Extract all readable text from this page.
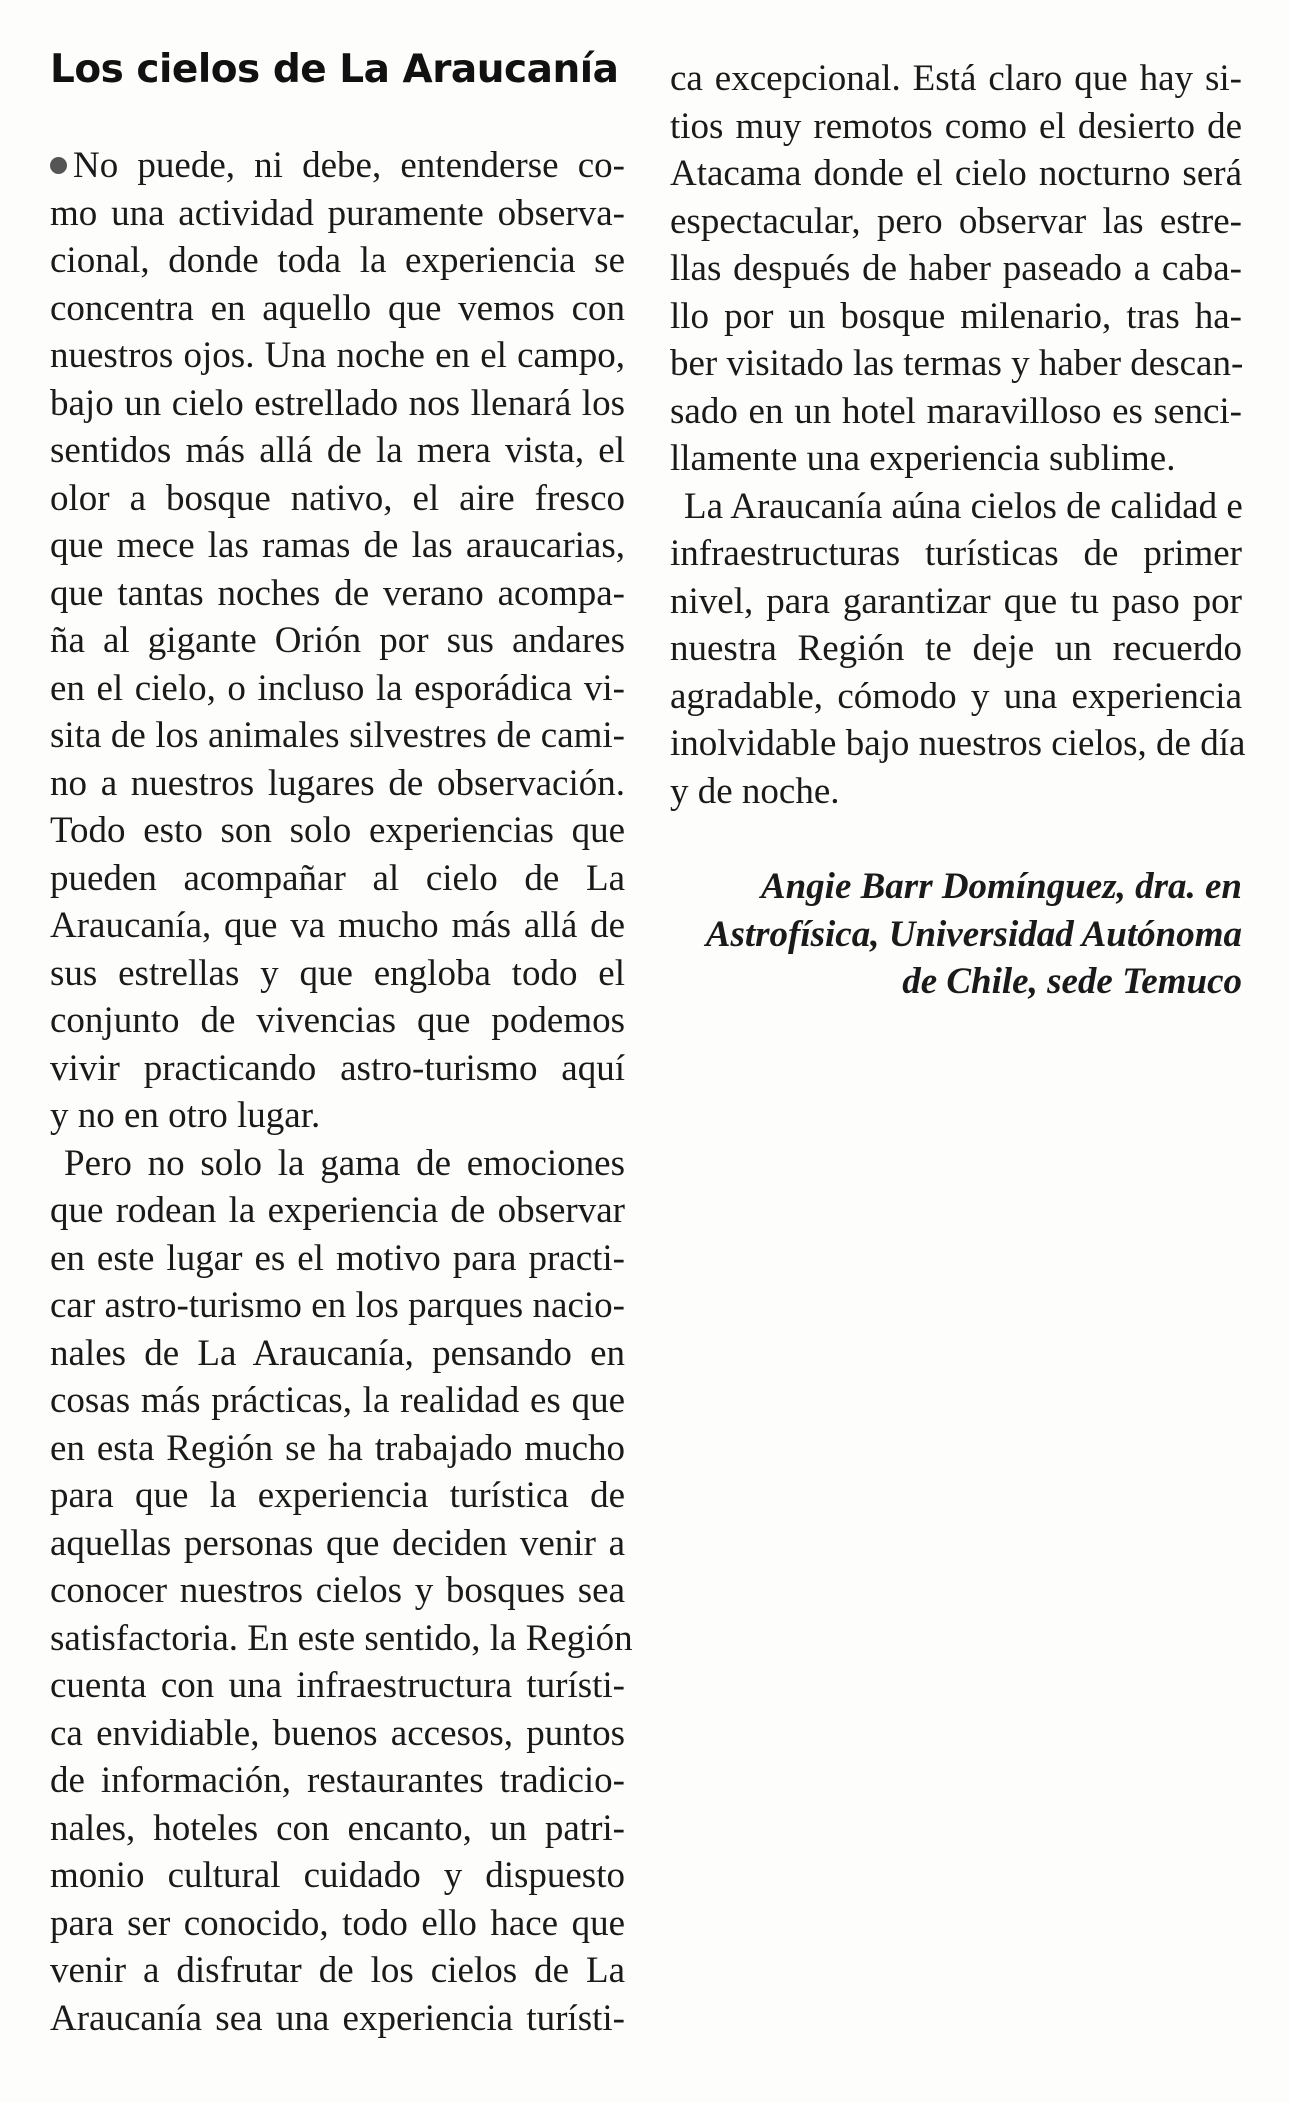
Los cielos de La Araucanía
No puede, ni debe, entenderse co-
mo una actividad puramente observa-
cional, donde toda la experiencia se
concentra en aquello que vemos con
nuestros ojos. Una noche en el campo,
bajo un cielo estrellado nos llenará los
sentidos más allá de la mera vista, el
olor a bosque nativo, el aire fresco
que mece las ramas de las araucarias,
que tantas noches de verano acompa-
ña al gigante Orión por sus andares
en el cielo, o incluso la esporádica vi-
sita de los animales silvestres de cami-
no a nuestros lugares de observación.
Todo esto son solo experiencias que
pueden acompañar al cielo de La
Araucanía, que va mucho más allá de
sus estrellas y que engloba todo el
conjunto de vivencias que podemos
vivir practicando astro-turismo aquí
y no en otro lugar.
Pero no solo la gama de emociones
que rodean la experiencia de observar
en este lugar es el motivo para practi-
car astro-turismo en los parques nacio-
nales de La Araucanía, pensando en
cosas más prácticas, la realidad es que
en esta Región se ha trabajado mucho
para que la experiencia turística de
aquellas personas que deciden venir a
conocer nuestros cielos y bosques sea
satisfactoria. En este sentido, la Región
cuenta con una infraestructura turísti-
ca envidiable, buenos accesos, puntos
de información, restaurantes tradicio-
nales, hoteles con encanto, un patri-
monio cultural cuidado y dispuesto
para ser conocido, todo ello hace que
venir a disfrutar de los cielos de La
Araucanía sea una experiencia turísti-
ca excepcional. Está claro que hay si-
tios muy remotos como el desierto de
Atacama donde el cielo nocturno será
espectacular, pero observar las estre-
llas después de haber paseado a caba-
llo por un bosque milenario, tras ha-
ber visitado las termas y haber descan-
sado en un hotel maravilloso es senci-
llamente una experiencia sublime.
La Araucanía aúna cielos de calidad e
infraestructuras turísticas de primer
nivel, para garantizar que tu paso por
nuestra Región te deje un recuerdo
agradable, cómodo y una experiencia
inolvidable bajo nuestros cielos, de día
y de noche.
Angie Barr Domínguez, dra. en
Astrofísica, Universidad Autónoma
de Chile, sede Temuco
